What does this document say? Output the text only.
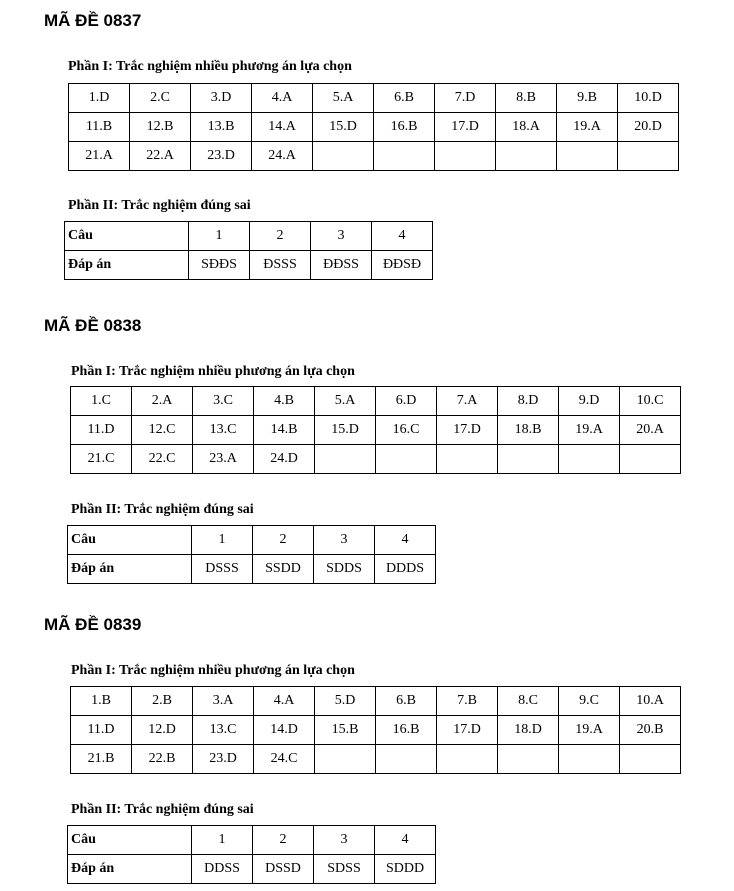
MÃ ĐỀ 0837
Phần I: Trắc nghiệm nhiều phương án lựa chọn
1.D	2.C	3.D	4.A	5.A	6.B	7.D	8.B	9.B	10.D
11.B	12.B	13.B	14.A	15.D	16.B	17.D	18.A	19.A	20.D
21.A	22.A	23.D	24.A						
Phần II: Trắc nghiệm đúng sai
Câu	1	2	3	4
Đáp án	SĐĐS	ĐSSS	ĐĐSS	ĐĐSĐ
MÃ ĐỀ 0838
Phần I: Trắc nghiệm nhiều phương án lựa chọn
1.C	2.A	3.C	4.B	5.A	6.D	7.A	8.D	9.D	10.C
11.D	12.C	13.C	14.B	15.D	16.C	17.D	18.B	19.A	20.A
21.C	22.C	23.A	24.D						
Phần II: Trắc nghiệm đúng sai
Câu	1	2	3	4
Đáp án	DSSS	SSDD	SDDS	DDDS
MÃ ĐỀ 0839
Phần I: Trắc nghiệm nhiều phương án lựa chọn
1.B	2.B	3.A	4.A	5.D	6.B	7.B	8.C	9.C	10.A
11.D	12.D	13.C	14.D	15.B	16.B	17.D	18.D	19.A	20.B
21.B	22.B	23.D	24.C						
Phần II: Trắc nghiệm đúng sai
Câu	1	2	3	4
Đáp án	DDSS	DSSD	SDSS	SDDD
